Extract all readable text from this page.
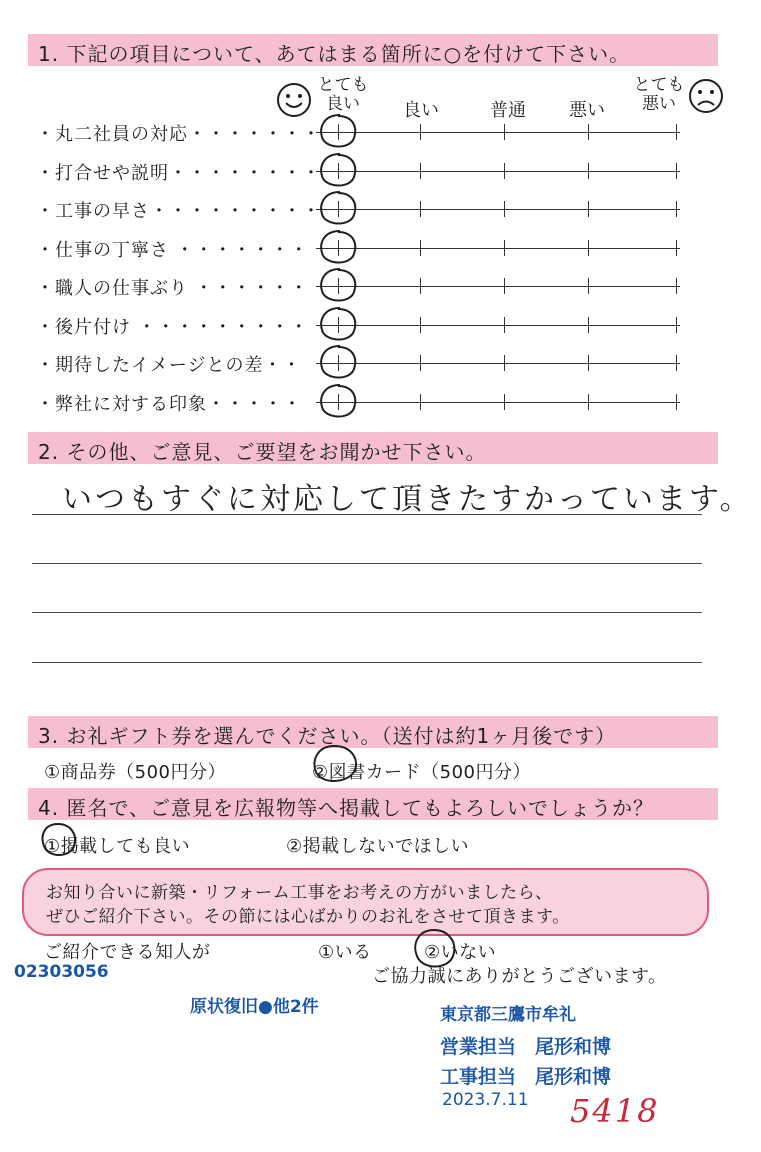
1. 下記の項目について、あてはまる箇所に○を付けて下さい。
とても
良い	良い	普通	悪い
とても
悪い
・丸二社員の対応・・・・・・・
・打合せや説明・・・・・・・・
・工事の早さ・・・・・・・・・
・仕事の丁寧さ ・・・・・・・
・職人の仕事ぶり ・・・・・・
・後片付け ・・・・・・・・・
・期待したイメージとの差・・
・弊社に対する印象・・・・・
2. その他、ご意見、ご要望をお聞かせ下さい。
いつもすぐに対応して頂きたすかっています。
3. お礼ギフト券を選んでください。（送付は約1ヶ月後です）
①商品券（500円分）	②図書カード（500円分）
4. 匿名で、ご意見を広報物等へ掲載してもよろしいでしょうか？
①掲載しても良い	②掲載しないでほしい
お知り合いに新築・リフォーム工事をお考えの方がいましたら、
ぜひご紹介下さい。その節には心ばかりのお礼をさせて頂きます。
ご紹介できる知人が	①いる	②いない
ご協力誠にありがとうございます。
02303056
原状復旧●他2件	東京都三鷹市牟礼
営業担当　尾形和博
工事担当　尾形和博
2023.7.11 5418
